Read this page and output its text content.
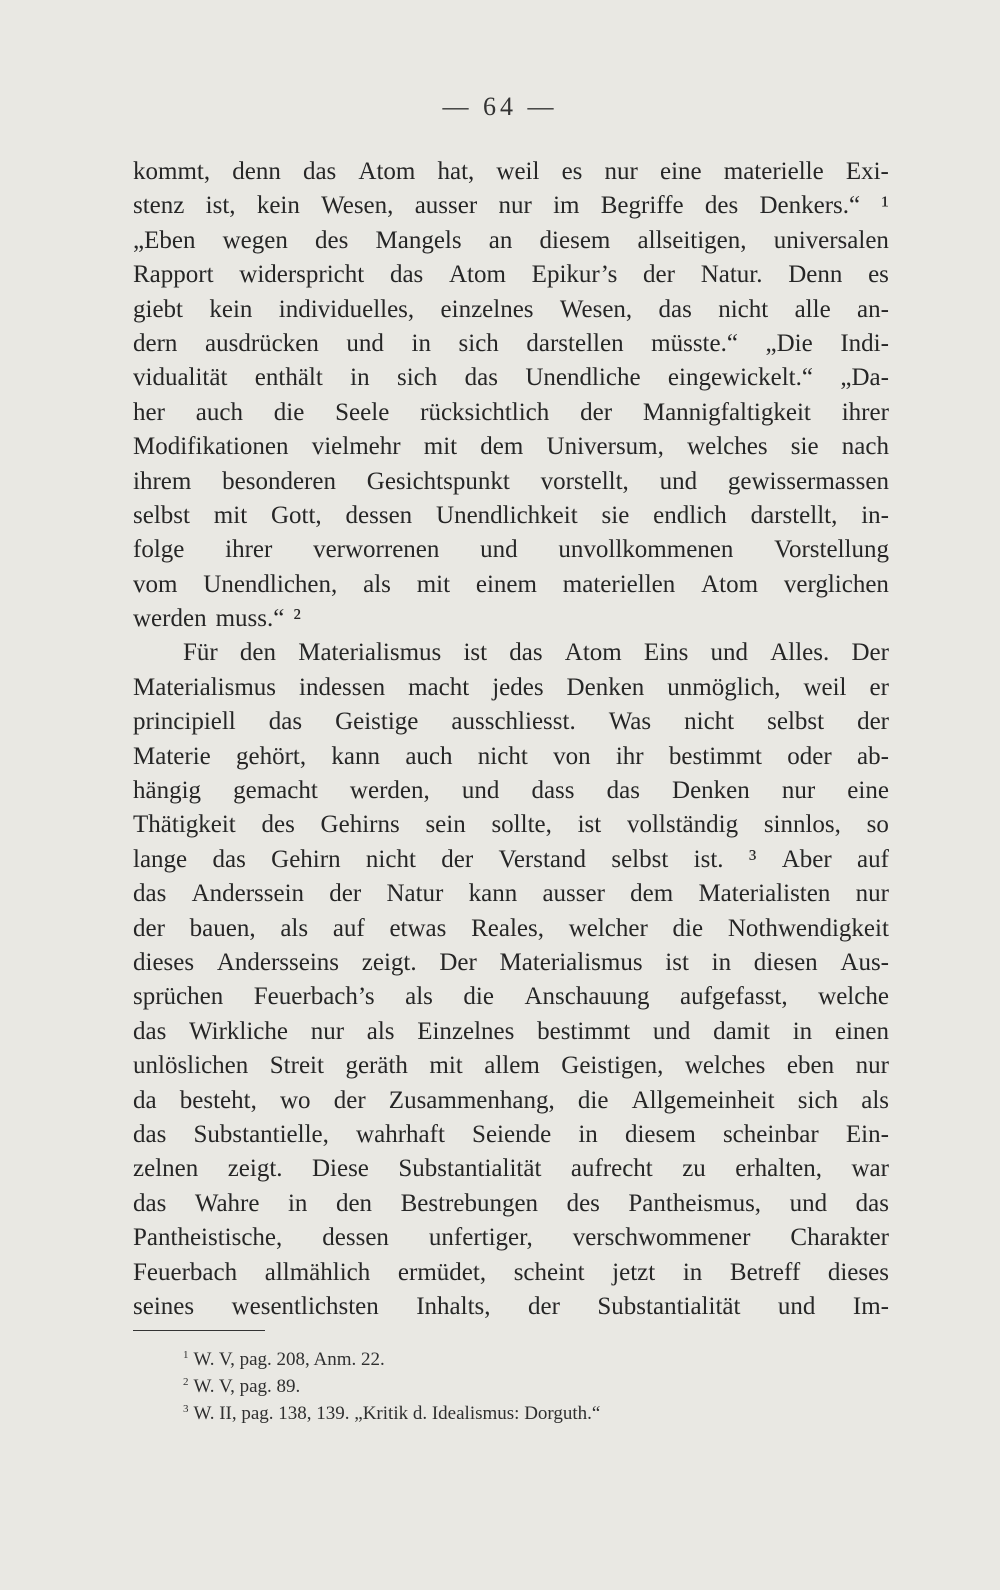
— 64 —
kommt, denn das Atom hat, weil es nur eine materielle Exi-
stenz ist, kein Wesen, ausser nur im Begriffe des Denkers.“ ¹
„Eben wegen des Mangels an diesem allseitigen, universalen
Rapport widerspricht das Atom Epikur’s der Natur. Denn es
giebt kein individuelles, einzelnes Wesen, das nicht alle an-
dern ausdrücken und in sich darstellen müsste.“ „Die Indi-
vidualität enthält in sich das Unendliche eingewickelt.“ „Da-
her auch die Seele rücksichtlich der Mannigfaltigkeit ihrer
Modifikationen vielmehr mit dem Universum, welches sie nach
ihrem besonderen Gesichtspunkt vorstellt, und gewissermassen
selbst mit Gott, dessen Unendlichkeit sie endlich darstellt, in-
folge ihrer verworrenen und unvollkommenen Vorstellung
vom Unendlichen, als mit einem materiellen Atom verglichen
werden muss.“ ²
Für den Materialismus ist das Atom Eins und Alles. Der
Materialismus indessen macht jedes Denken unmöglich, weil er
principiell das Geistige ausschliesst. Was nicht selbst der
Materie gehört, kann auch nicht von ihr bestimmt oder ab-
hängig gemacht werden, und dass das Denken nur eine
Thätigkeit des Gehirns sein sollte, ist vollständig sinnlos, so
lange das Gehirn nicht der Verstand selbst ist. ³ Aber auf
das Anderssein der Natur kann ausser dem Materialisten nur
der bauen, als auf etwas Reales, welcher die Nothwendigkeit
dieses Andersseins zeigt. Der Materialismus ist in diesen Aus-
sprüchen Feuerbach’s als die Anschauung aufgefasst, welche
das Wirkliche nur als Einzelnes bestimmt und damit in einen
unlöslichen Streit geräth mit allem Geistigen, welches eben nur
da besteht, wo der Zusammenhang, die Allgemeinheit sich als
das Substantielle, wahrhaft Seiende in diesem scheinbar Ein-
zelnen zeigt. Diese Substantialität aufrecht zu erhalten, war
das Wahre in den Bestrebungen des Pantheismus, und das
Pantheistische, dessen unfertiger, verschwommener Charakter
Feuerbach allmählich ermüdet, scheint jetzt in Betreff dieses
seines wesentlichsten Inhalts, der Substantialität und Im-
$^1$ W. V, pag. 208, Anm. 22.
$^2$ W. V, pag. 89.
$^3$ W. II, pag. 138, 139. „Kritik d. Idealismus: Dorguth.“
